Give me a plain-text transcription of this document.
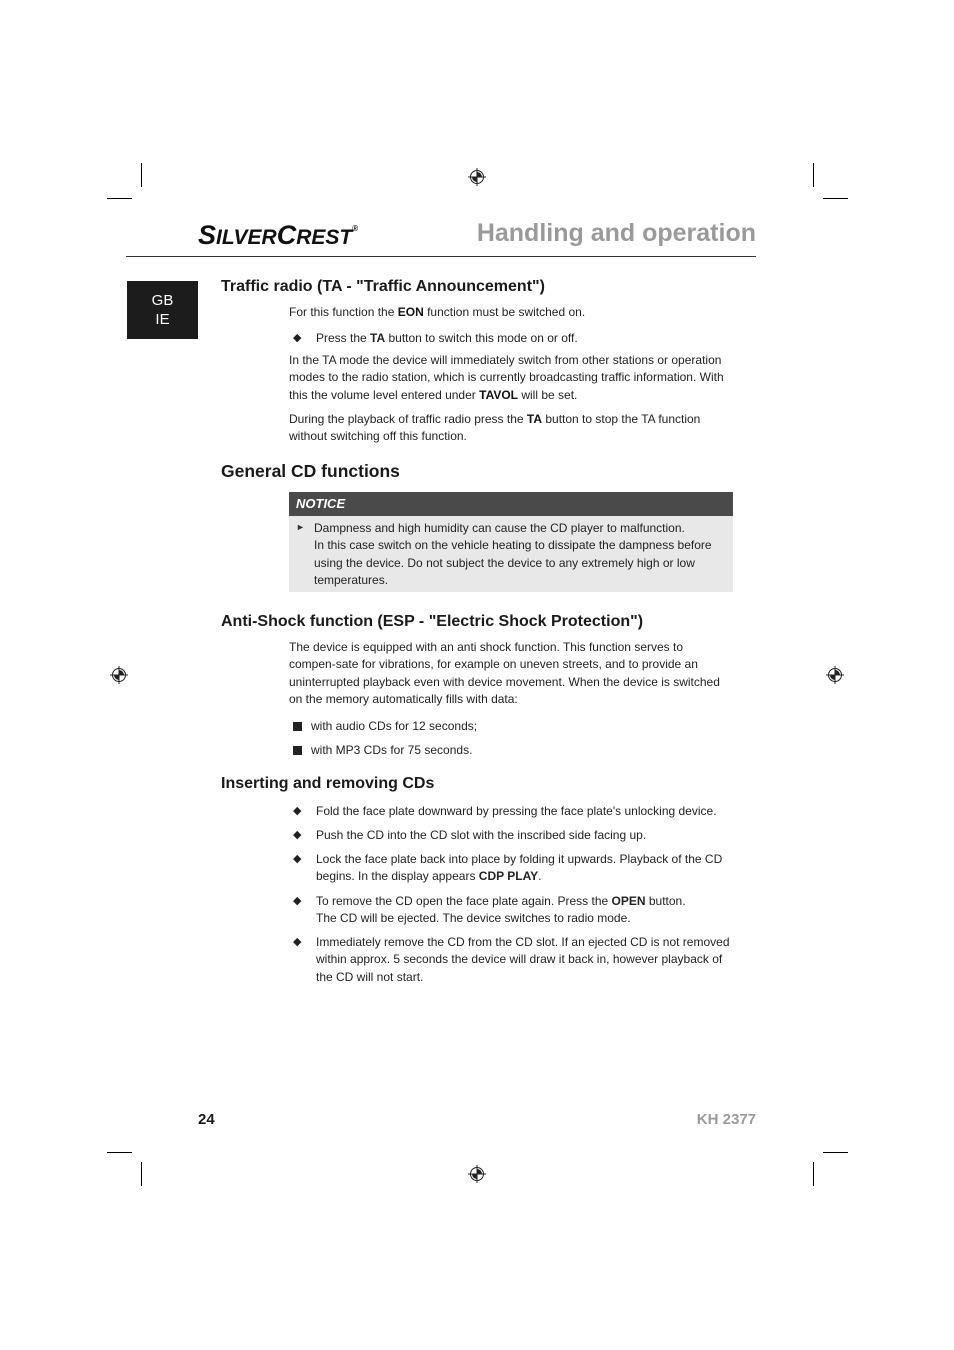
SILVERCREST®	Handling and operation
GB
IE
Traffic radio (TA - "Traffic Announcement")
For this function the EON function must be switched on.
◆ Press the TA button to switch this mode on or off.
In the TA mode the device will immediately switch from other stations or operation modes to the radio station, which is currently broadcasting traffic information. With this the volume level entered under TAVOL will be set.
During the playback of traffic radio press the TA button to stop the TA function without switching off this function.
General CD functions
NOTICE
► Dampness and high humidity can cause the CD player to malfunction.
In this case switch on the vehicle heating to dissipate the dampness before using the device. Do not subject the device to any extremely high or low temperatures.
Anti-Shock function (ESP - "Electric Shock Protection")
The device is equipped with an anti shock function. This function serves to compen-sate for vibrations, for example on uneven streets, and to provide an uninterrupted playback even with device movement. When the device is switched on the memory automatically fills with data:
with audio CDs for 12 seconds;
with MP3 CDs for 75 seconds.
Inserting and removing CDs
◆ Fold the face plate downward by pressing the face plate's unlocking device.
◆ Push the CD into the CD slot with the inscribed side facing up.
◆ Lock the face plate back into place by folding it upwards. Playback of the CD begins. In the display appears CDP PLAY.
◆ To remove the CD open the face plate again. Press the OPEN button.
The CD will be ejected. The device switches to radio mode.
◆ Immediately remove the CD from the CD slot. If an ejected CD is not removed within approx. 5 seconds the device will draw it back in, however playback of the CD will not start.
24	KH 2377
